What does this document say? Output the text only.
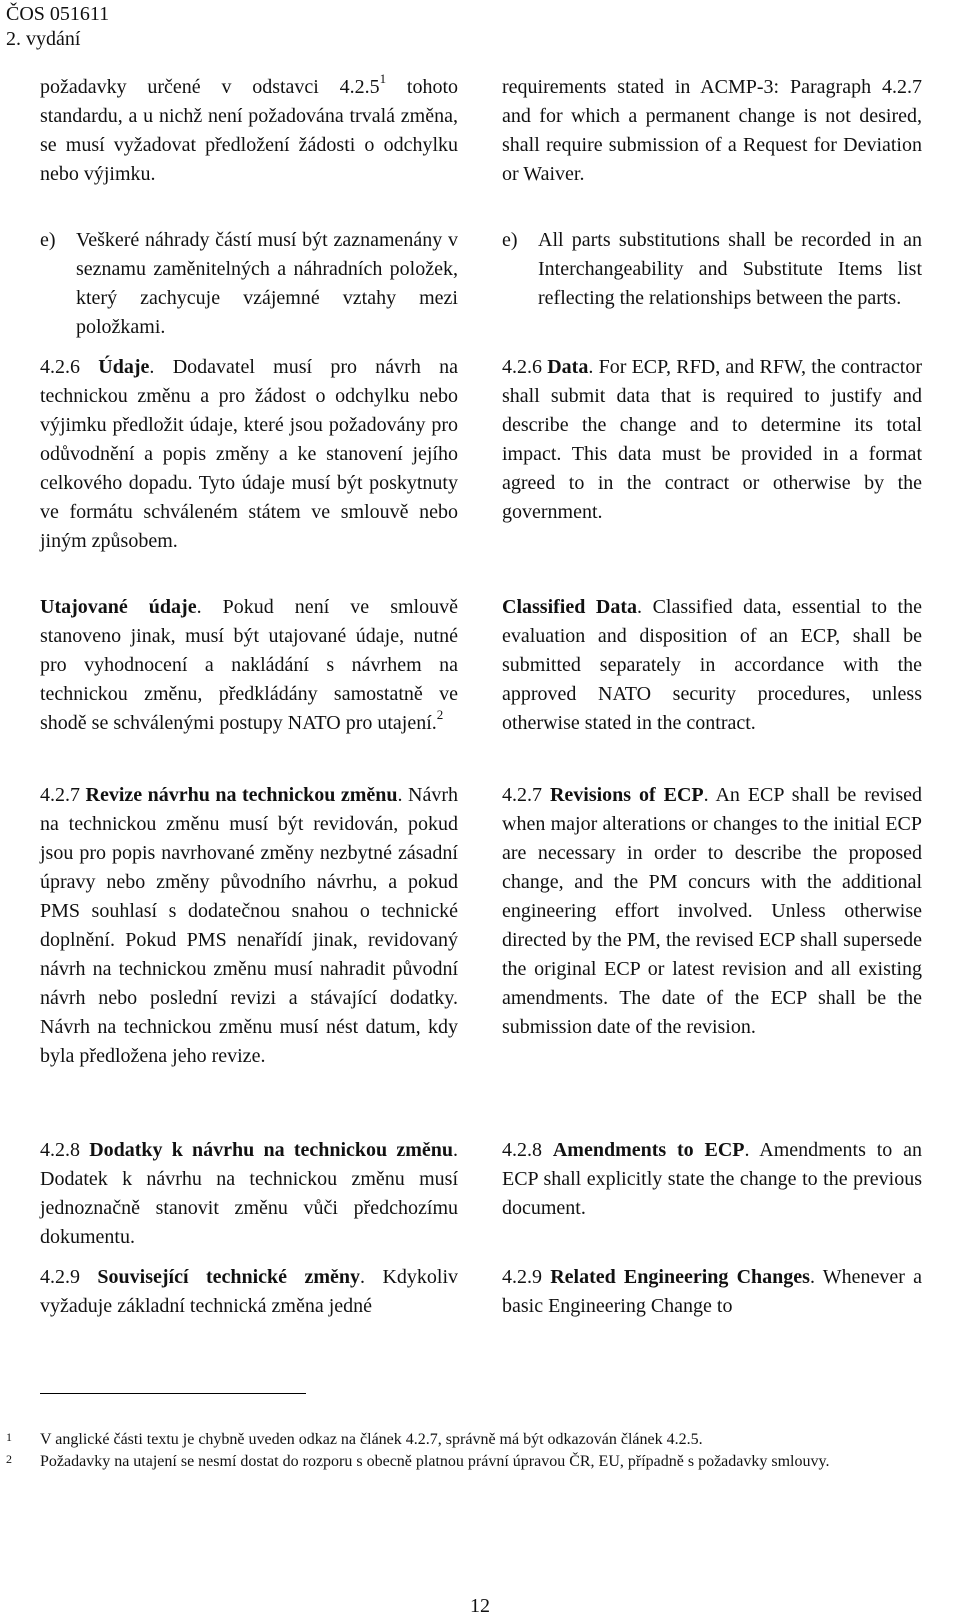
ČOS 051611
2. vydání

požadavky určené v odstavci 4.2.5$^1$ tohoto standardu, a u nichž není požadována trvalá změna, se musí vyžadovat předložení žádosti o odchylku nebo výjimku.

e) Veškeré náhrady částí musí být zaznamenány v seznamu zaměnitelných a náhradních položek, který zachycuje vzájemné vztahy mezi položkami.

4.2.6 Údaje. Dodavatel musí pro návrh na technickou změnu a pro žádost o odchylku nebo výjimku předložit údaje, které jsou požadovány pro odůvodnění a popis změny a ke stanovení jejího celkového dopadu. Tyto údaje musí být poskytnuty ve formátu schváleném státem ve smlouvě nebo jiným způsobem.

Utajované údaje. Pokud není ve smlouvě stanoveno jinak, musí být utajované údaje, nutné pro vyhodnocení a nakládání s návrhem na technickou změnu, předkládány samostatně ve shodě se schválenými postupy NATO pro utajení.$^2$

4.2.7 Revize návrhu na technickou změnu. Návrh na technickou změnu musí být revidován, pokud jsou pro popis navrhované změny nezbytné zásadní úpravy nebo změny původního návrhu, a pokud PMS souhlasí s dodatečnou snahou o technické doplnění. Pokud PMS nenařídí jinak, revidovaný návrh na technickou změnu musí nahradit původní návrh nebo poslední revizi a stávající dodatky. Návrh na technickou změnu musí nést datum, kdy byla předložena jeho revize.

4.2.8 Dodatky k návrhu na technickou změnu. Dodatek k návrhu na technickou změnu musí jednoznačně stanovit změnu vůči předchozímu dokumentu.

4.2.9 Související technické změny. Kdykoliv vyžaduje základní technická změna jedné

requirements stated in ACMP-3: Paragraph 4.2.7 and for which a permanent change is not desired, shall require submission of a Request for Deviation or Waiver.

e) All parts substitutions shall be recorded in an Interchangeability and Substitute Items list reflecting the relationships between the parts.

4.2.6 Data. For ECP, RFD, and RFW, the contractor shall submit data that is required to justify and describe the change and to determine its total impact. This data must be provided in a format agreed to in the contract or otherwise by the government.

Classified Data. Classified data, essential to the evaluation and disposition of an ECP, shall be submitted separately in accordance with the approved NATO security procedures, unless otherwise stated in the contract.

4.2.7 Revisions of ECP. An ECP shall be revised when major alterations or changes to the initial ECP are necessary in order to describe the proposed change, and the PM concurs with the additional engineering effort involved. Unless otherwise directed by the PM, the revised ECP shall supersede the original ECP or latest revision and all existing amendments. The date of the ECP shall be the submission date of the revision.

4.2.8 Amendments to ECP. Amendments to an ECP shall explicitly state the change to the previous document.

4.2.9 Related Engineering Changes. Whenever a basic Engineering Change to

1 V anglické části textu je chybně uveden odkaz na článek 4.2.7, správně má být odkazován článek 4.2.5.
2 Požadavky na utajení se nesmí dostat do rozporu s obecně platnou právní úpravou ČR, EU, případně s požadavky smlouvy.
12
